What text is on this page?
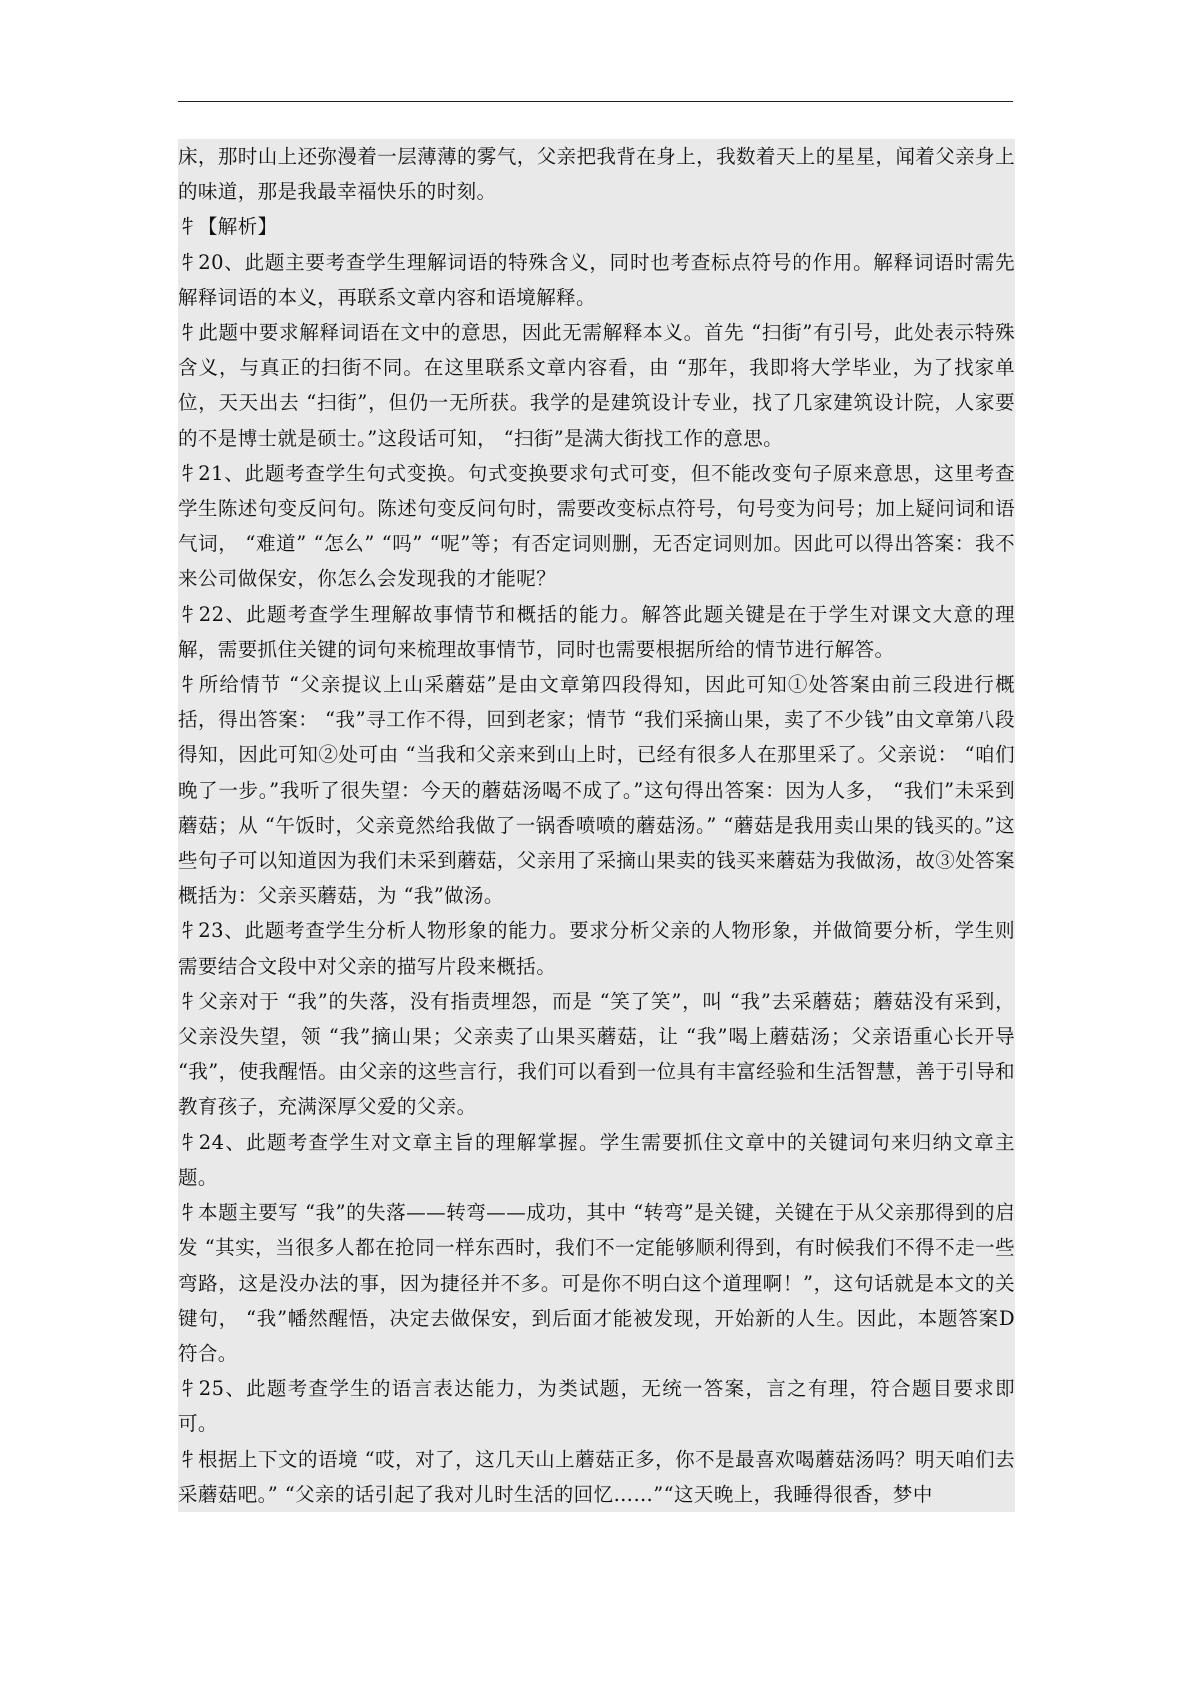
床，那时山上还弥漫着一层薄薄的雾气，父亲把我背在身上，我数着天上的星星，闻着父亲身上的味道，那是我最幸福快乐的时刻。

牜【解析】

牜20、此题主要考查学生理解词语的特殊含义，同时也考查标点符号的作用。解释词语时需先解释词语的本义，再联系文章内容和语境解释。

牜此题中要求解释词语在文中的意思，因此无需解释本义。首先 “扫街”有引号，此处表示特殊含义，与真正的扫街不同。在这里联系文章内容看，由 “那年，我即将大学毕业，为了找家单位，天天出去 “扫街”，但仍一无所获。我学的是建筑设计专业，找了几家建筑设计院，人家要的不是博士就是硕士。”这段话可知， “扫街”是满大街找工作的意思。

牜21、此题考查学生句式变换。句式变换要求句式可变，但不能改变句子原来意思，这里考查学生陈述句变反问句。陈述句变反问句时，需要改变标点符号，句号变为问号；加上疑问词和语气词， “难道” “怎么” “吗” “呢”等；有否定词则删，无否定词则加。因此可以得出答案：我不来公司做保安，你怎么会发现我的才能呢？

牜22、此题考查学生理解故事情节和概括的能力。解答此题关键是在于学生对课文大意的理解，需要抓住关键的词句来梳理故事情节，同时也需要根据所给的情节进行解答。

牜所给情节 “父亲提议上山采蘑菇”是由文章第四段得知，因此可知①处答案由前三段进行概括，得出答案： “我”寻工作不得，回到老家；情节 “我们采摘山果，卖了不少钱”由文章第八段得知，因此可知②处可由 “当我和父亲来到山上时，已经有很多人在那里采了。父亲说： “咱们晚了一步。”我听了很失望：今天的蘑菇汤喝不成了。”这句得出答案：因为人多， “我们”未采到蘑菇；从 “午饭时，父亲竟然给我做了一锅香喷喷的蘑菇汤。” “蘑菇是我用卖山果的钱买的。”这些句子可以知道因为我们未采到蘑菇，父亲用了采摘山果卖的钱买来蘑菇为我做汤，故③处答案概括为：父亲买蘑菇，为 “我”做汤。

牜23、此题考查学生分析人物形象的能力。要求分析父亲的人物形象，并做简要分析，学生则需要结合文段中对父亲的描写片段来概括。

牜父亲对于 “我”的失落，没有指责埋怨，而是 “笑了笑”，叫 “我”去采蘑菇；蘑菇没有采到，父亲没失望，领 “我”摘山果；父亲卖了山果买蘑菇，让 “我”喝上蘑菇汤；父亲语重心长开导 “我”，使我醒悟。由父亲的这些言行，我们可以看到一位具有丰富经验和生活智慧，善于引导和教育孩子，充满深厚父爱的父亲。

牜24、此题考查学生对文章主旨的理解掌握。学生需要抓住文章中的关键词句来归纳文章主题。

牜本题主要写 “我”的失落——转弯——成功，其中 “转弯”是关键，关键在于从父亲那得到的启发 “其实，当很多人都在抢同一样东西时，我们不一定能够顺利得到，有时候我们不得不走一些弯路，这是没办法的事，因为捷径并不多。可是你不明白这个道理啊！”，这句话就是本文的关键句， “我”幡然醒悟，决定去做保安，到后面才能被发现，开始新的人生。因此，本题答案D符合。

牜25、此题考查学生的语言表达能力，为类试题，无统一答案，言之有理，符合题目要求即可。

牜根据上下文的语境 “哎，对了，这几天山上蘑菇正多，你不是最喜欢喝蘑菇汤吗？明天咱们去采蘑菇吧。” “父亲的话引起了我对儿时生活的回忆……”“这天晚上，我睡得很香，梦中
